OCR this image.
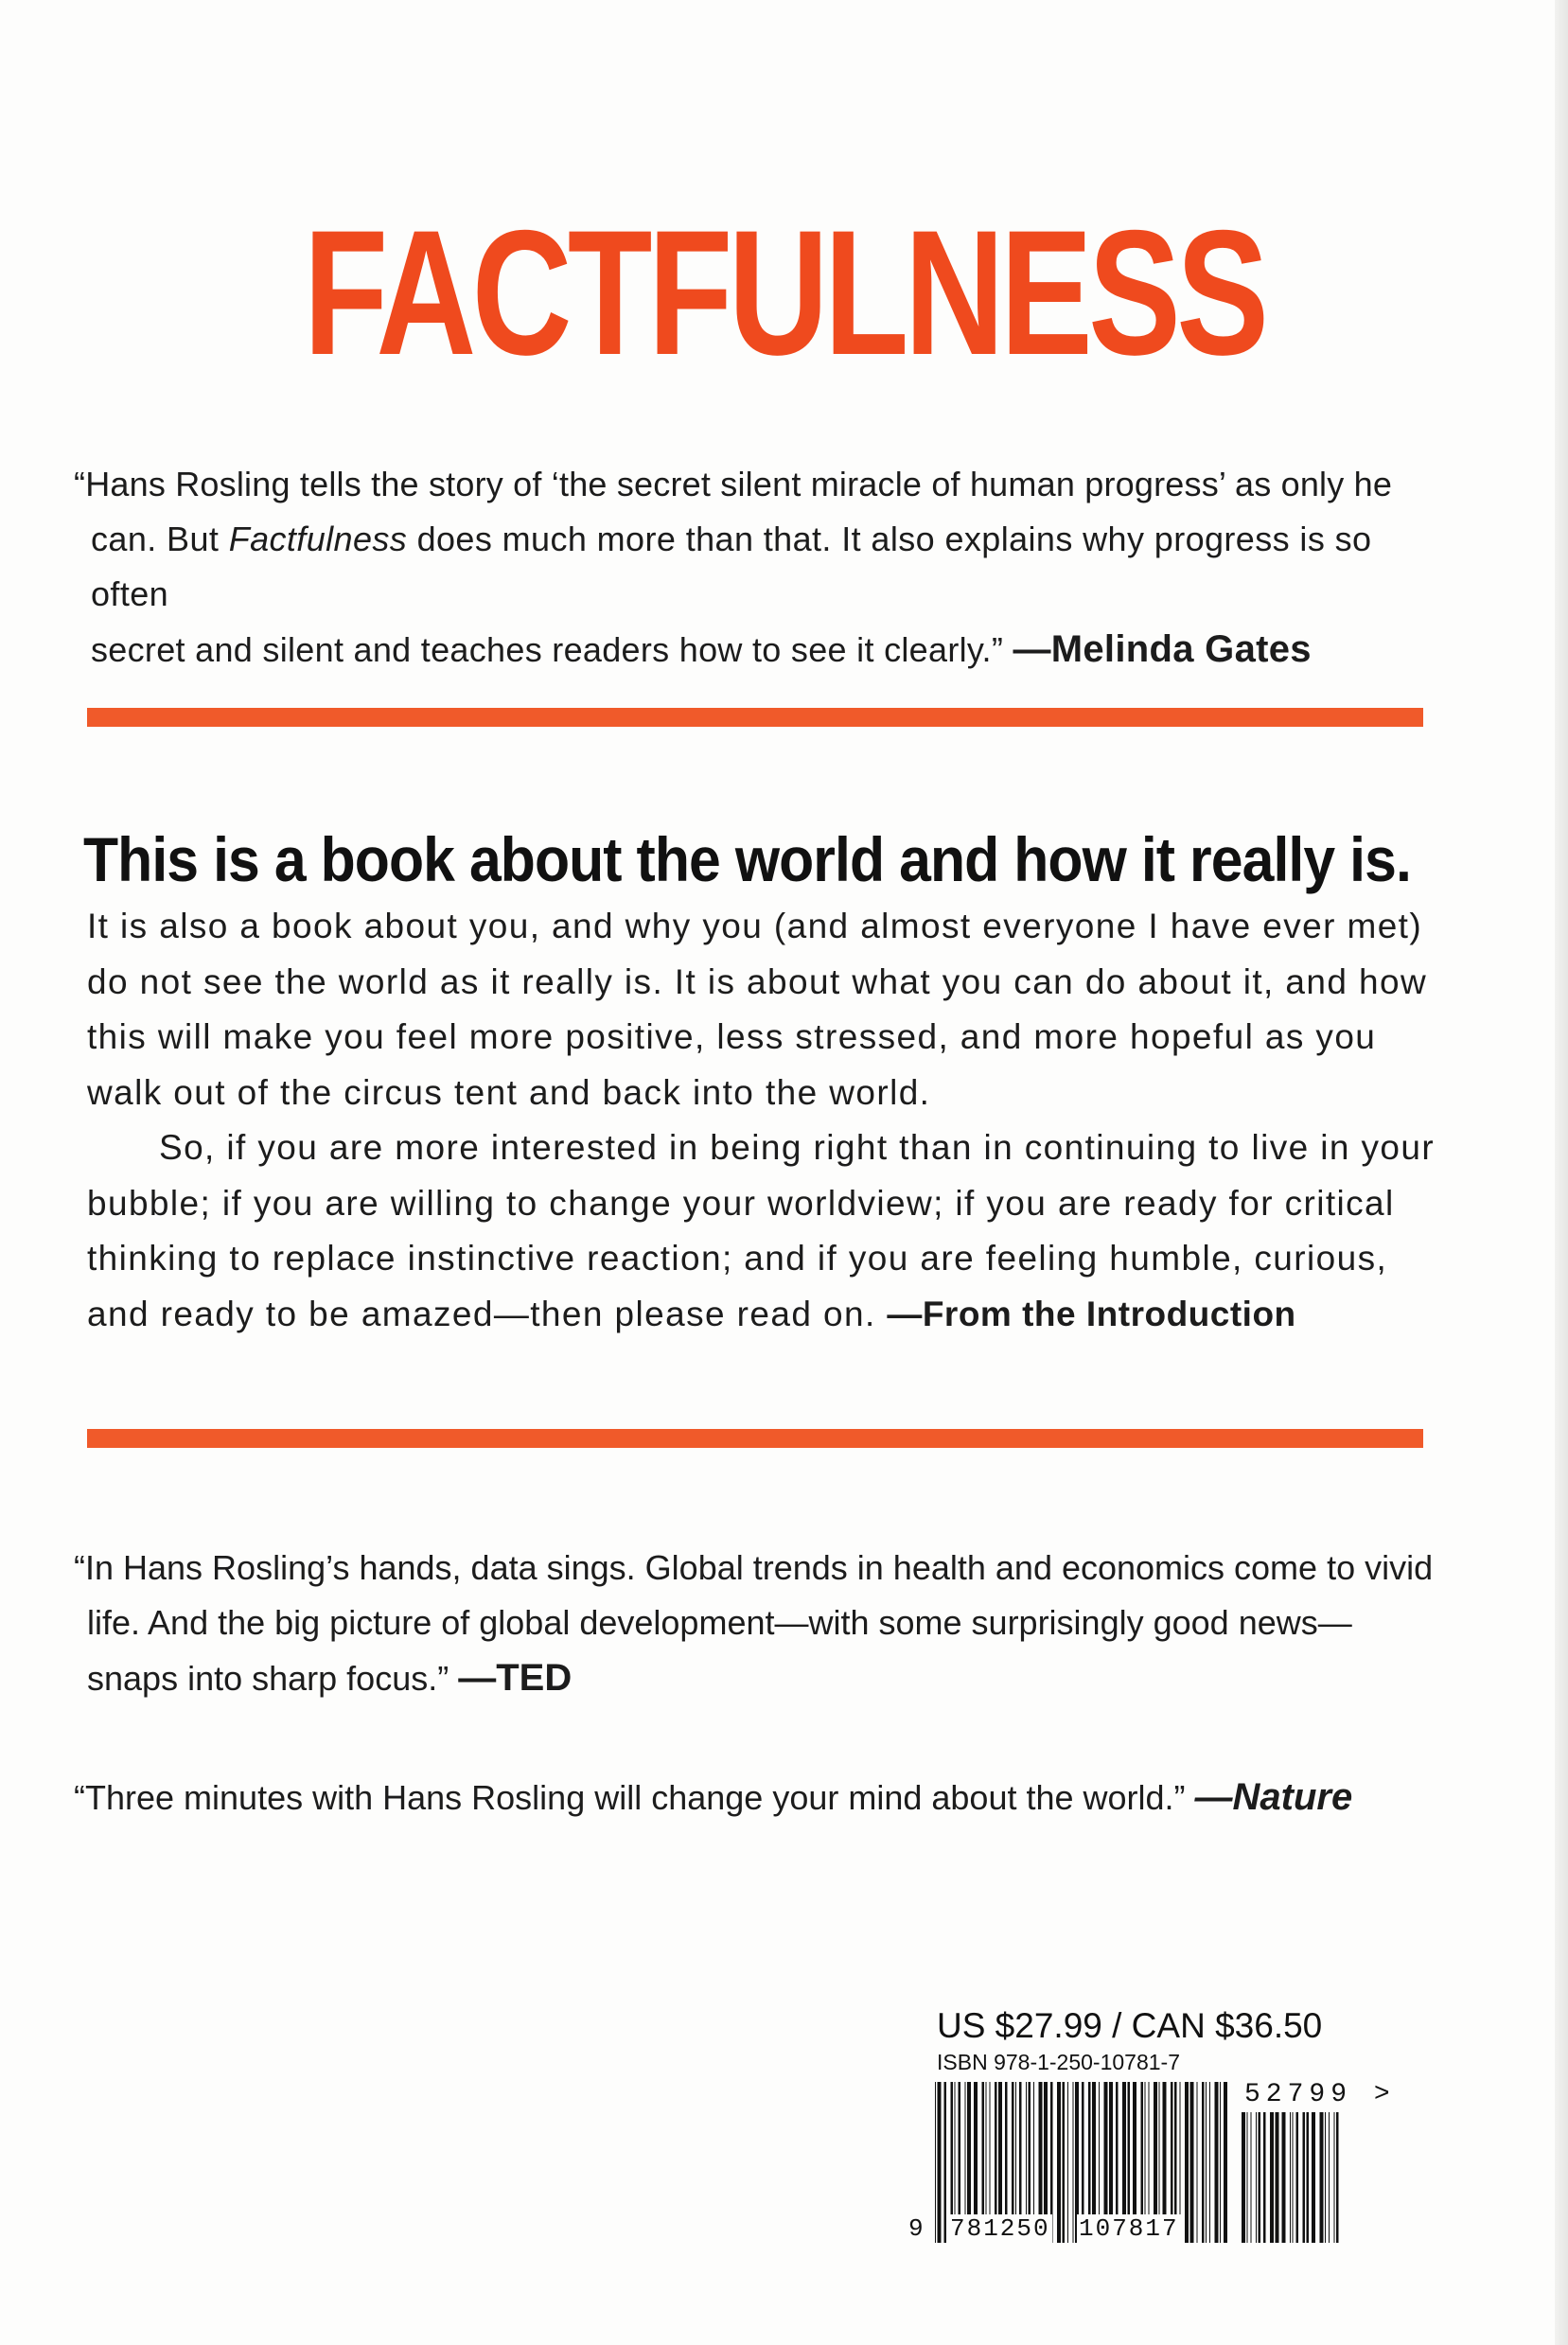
FACTFULNESS
“Hans Rosling tells the story of ‘the secret silent miracle of human progress’ as only he
can. But Factfulness does much more than that. It also explains why progress is so often
secret and silent and teaches readers how to see it clearly.” —Melinda Gates
This is a book about the world and how it really is.

It is also a book about you, and why you (and almost everyone I have ever met) do not see the world as it really is. It is about what you can do about it, and how this will make you feel more positive, less stressed, and more hopeful as you walk out of the circus tent and back into the world.

So, if you are more interested in being right than in continuing to live in your bubble; if you are willing to change your worldview; if you are ready for critical thinking to replace instinctive reaction; and if you are feeling humble, curious, and ready to be amazed—then please read on. —From the Introduction

“In Hans Rosling’s hands, data sings. Global trends in health and economics come to vivid
life. And the big picture of global development—with some surprisingly good news—
snaps into sharp focus.” —TED
“Three minutes with Hans Rosling will change your mind about the world.” —Nature
US $27.99 / CAN $36.50
ISBN 978-1-250-10781-7
52799 >
9 781250 107817
